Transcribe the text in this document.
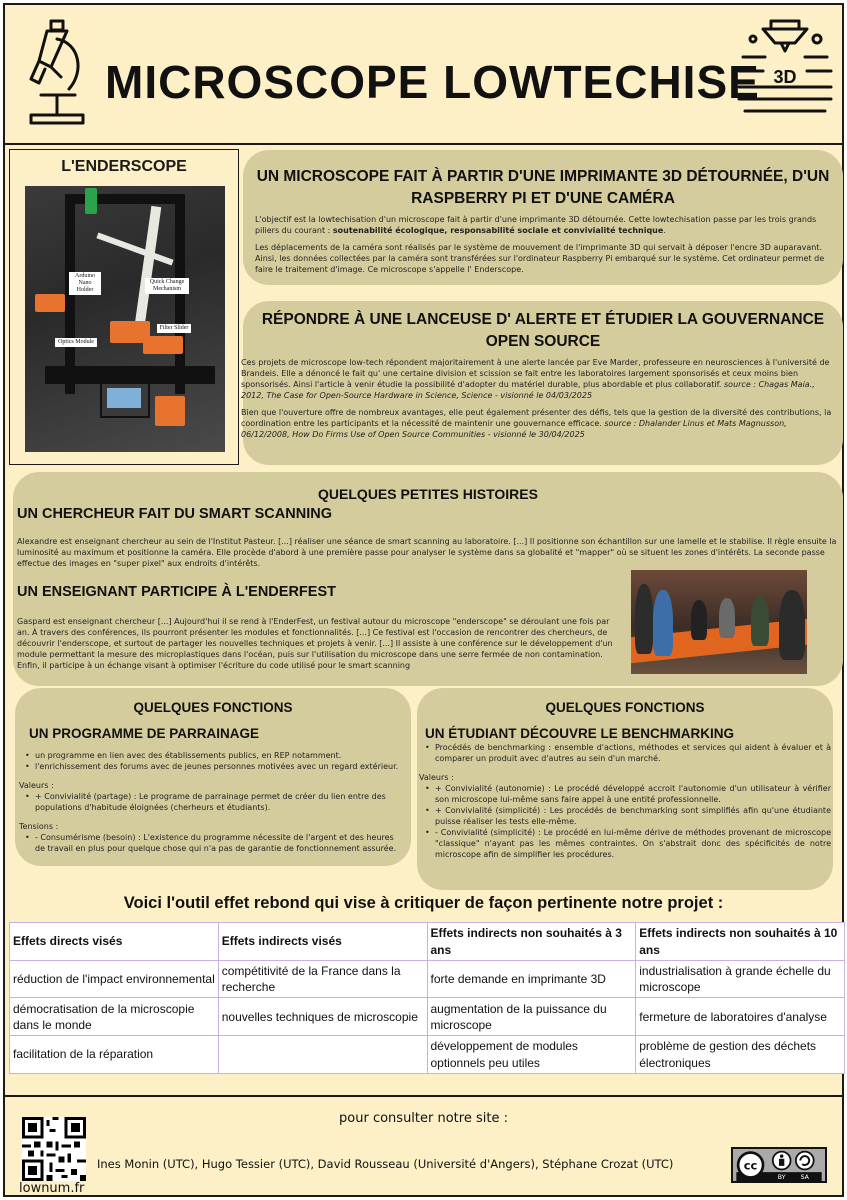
MICROSCOPE LOWTECHISE 3D
L'ENDERSCOPE
Arduino Nano Holder
Quick Change Mechanism
Filter Slider
Optics Module
UN MICROSCOPE FAIT À PARTIR D'UNE IMPRIMANTE 3D DÉTOURNÉE, D'UN RASPBERRY PI ET D'UNE CAMÉRA

L'objectif est la lowtechisation d'un microscope fait à partir d'une imprimante 3D détournée. Cette lowtechisation passe par les trois grands piliers du courant : soutenabilité écologique, responsabilité sociale et convivialité technique.

Les déplacements de la caméra sont réalisés par le système de mouvement de l'imprimante 3D qui servait à déposer l'encre 3D auparavant. Ainsi, les données collectées par la caméra sont transférées sur l'ordinateur Raspberry Pi embarqué sur le système. Cet ordinateur permet de faire le traitement d'image. Ce microscope s'appelle l' Enderscope.

RÉPONDRE À UNE LANCEUSE D' ALERTE ET ÉTUDIER LA GOUVERNANCE OPEN SOURCE

Ces projets de microscope low-tech répondent majoritairement à une alerte lancée par Eve Marder, professeure en neurosciences à l'université de Brandeis. Elle a dénoncé le fait qu' une certaine division et scission se fait entre les laboratoires largement sponsorisés et ceux moins bien sponsorisés. Ainsi l'article à venir étudie la possibilité d'adopter du matériel durable, plus abordable et plus collaboratif. source : Chagas Maia., 2012, The Case for Open-Source Hardware in Science, Science - visionné le 04/03/2025

Bien que l'ouverture offre de nombreux avantages, elle peut également présenter des défis, tels que la gestion de la diversité des contributions, la coordination entre les participants et la nécessité de maintenir une gouvernance efficace. source : Dhalander Linus et Mats Magnusson, 06/12/2008, How Do Firms Use of Open Source Communities - visionné le 30/04/2025

QUELQUES PETITES HISTOIRES
UN CHERCHEUR FAIT DU SMART SCANNING

Alexandre est enseignant chercheur au sein de l'Institut Pasteur. [...] réaliser une séance de smart scanning au laboratoire. [...] Il positionne son échantillon sur une lamelle et le stabilise. Il règle ensuite la luminosité au maximum et positionne la caméra. Elle procède d'abord à une première passe pour analyser le système dans sa globalité et "mapper" où se situent les zones d'intérêts. La seconde passe effectue des images en "super pixel" aux endroits d'intérêts.

UN ENSEIGNANT PARTICIPE À L'ENDERFEST

Gaspard est enseignant chercheur [...] Aujourd'hui il se rend à l'EnderFest, un festival autour du microscope "enderscope" se déroulant une fois par an. À travers des conférences, ils pourront présenter les modules et fonctionnalités. [...] Ce festival est l'occasion de rencontrer des chercheurs, de découvrir l'enderscope, et surtout de partager les nouvelles techniques et projets à venir. [...] Il assiste à une conférence sur le développement d'un module permettant la mesure des microplastiques dans l'océan, puis sur l'utilisation du microscope dans une serre fermée de non contamination. Enfin, il participe à un échange visant à optimiser l'écriture du code utilisé pour le smart scanning

QUELQUES FONCTIONS
UN PROGRAMME DE PARRAINAGE

• un programme en lien avec des établissements publics, en REP notamment.

• l'enrichissement des forums avec de jeunes personnes motivées avec un regard extérieur.

Valeurs :

• + Convivialité (partage) : Le programe de parrainage permet de créer du lien entre des populations d'habitude éloignées (cherheurs et étudiants).

Tensions :

• - Consumérisme (besoin) : L'existence du programme nécessite de l'argent et des heures de travail en plus pour quelque chose qui n'a pas de garantie de fonctionnement assurée.

QUELQUES FONCTIONS
UN ÉTUDIANT DÉCOUVRE LE BENCHMARKING

• Procédés de benchmarking : ensemble d'actions, méthodes et services qui aident à évaluer et à comparer un produit avec d'autres au sein d'un marché.

Valeurs :

• + Convivialité (autonomie) : Le procédé développé accroit l'autonomie d'un utilisateur à vérifier son microscope lui-même sans faire appel à une entité professionnelle.

• + Convivialité (simplicité) : Les procédés de benchmarking sont simplifiés afin qu'une étudiante puisse réaliser les tests elle-même.

• - Convivialité (simplicité) : Le procédé en lui-même dérive de méthodes provenant de microscope "classique" n'ayant pas les mêmes contraintes. On s'abstrait donc des spécificités de notre microscope afin de simplifier les procédures.

Voici l'outil effet rebond qui vise à critiquer de façon pertinente notre projet :
Effets directs visés	Effets indirects visés	Effets indirects non souhaités à 3 ans	Effets indirects non souhaités à 10 ans
réduction de l'impact environnemental	compétitivité de la France dans la recherche	forte demande en imprimante 3D	industrialisation à grande échelle du microscope
démocratisation de la microscopie dans le monde	nouvelles techniques de microscopie	augmentation de la puissance du microscope	fermeture de laboratoires d'analyse
facilitation de la réparation		développement de modules optionnels peu utiles	problème de gestion des déchets électroniques
pour consulter notre site :
lownum.fr
Ines Monin (UTC), Hugo Tessier (UTC), David Rousseau (Université d'Angers), Stéphane Crozat (UTC)	cc
BY SA
